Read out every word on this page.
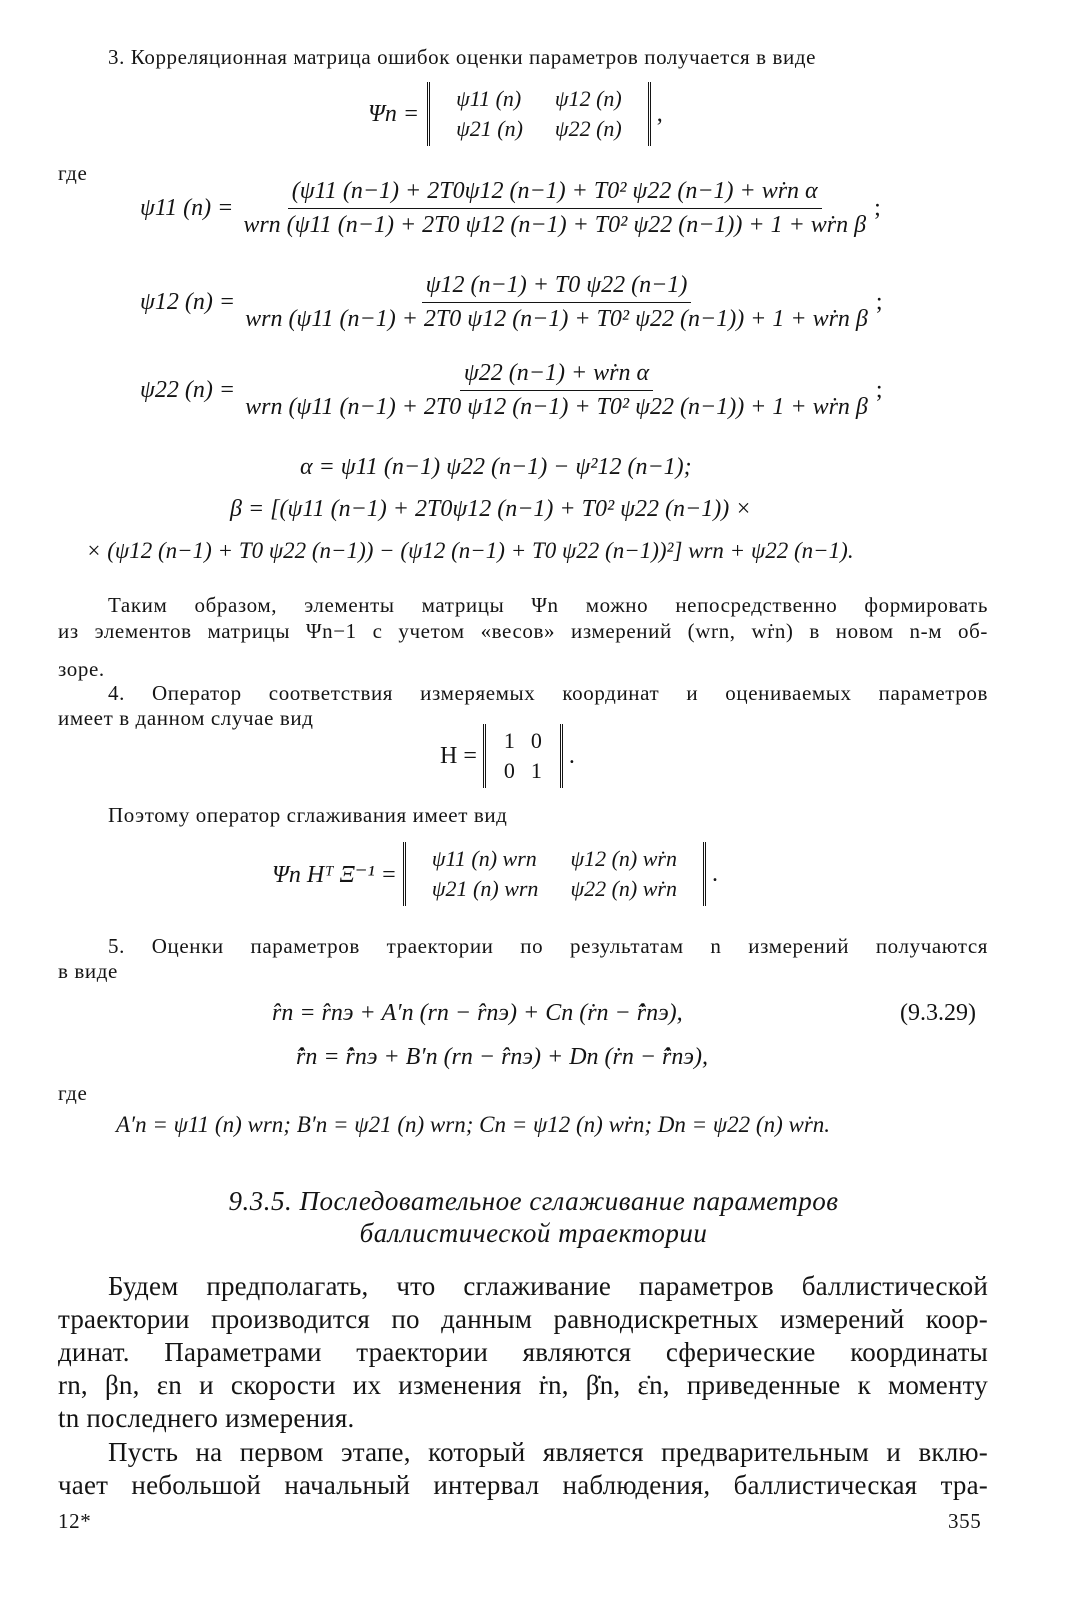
3. Корреляционная матрица ошибок оценки параметров получается в виде
Ψn =
ψ11 (n)	ψ12 (n)
ψ21 (n)	ψ22 (n)
,
где
ψ11 $(n) = \frac{\text{(ψ11 (n−1) + 2T0ψ12 (n−1) + T0² ψ22 (n−1) + wṙn α}}{\text{wrn (ψ11 (n−1) + 2T0 ψ12 (n−1) + T0² ψ22 (n−1)) + 1 + wṙn β}}$ ;
ψ12 $(n) = \frac{\psi 12 (n-1) + T0 \psi 22 (n-1)}{\text{wrn (ψ11 (n−1) + 2T0 ψ12 (n−1) + T0² ψ22 (n−1)) + 1 + wṙn β}}$ ;
ψ22 $(n) = \frac{\text{ψ22 (n−1) + wṙn α}}{\text{wrn (ψ11 (n−1) + 2T0 ψ12 (n−1) + T0² ψ22 (n−1)) + 1 + wṙn β}}$ ;
α = ψ11 (n−1) ψ22 (n−1) − ψ²12 (n−1);
β = [(ψ11 (n−1) + 2T0ψ12 (n−1) + T0² ψ22 (n−1)) ×
× (ψ12 (n−1) + T0 ψ22 (n−1)) − (ψ12 (n−1) + T0 ψ22 (n−1))²] wrn + ψ22 (n−1).
Таким образом, элементы матрицы Ψn можно непосредственно формировать
из элементов матрицы Ψn−1 с учетом «весов» измерений (wrn, wṙn) в новом n-м об-
зоре.
4. Оператор соответствия измеряемых координат и оцениваемых параметров
имеет в данном случае вид
H =
1	0
0	1
.
Поэтому оператор сглаживания имеет вид
Ψn Hᵀ Ξ⁻¹ =
ψ11 (n) wrn	ψ12 (n) wṙn
ψ21 (n) wrn	ψ22 (n) wṙn
.
5. Оценки параметров траектории по результатам n измерений получаются
в виде
r̂n = r̂nэ + A′n (rn − r̂nэ) + Cn (ṙn − r̂̇nэ),	(9.3.29)
r̂̇n = r̂̇nэ + B′n (rn − r̂nэ) + Dn (ṙn − r̂̇nэ),
где
A′n = ψ11 (n) wrn; B′n = ψ21 (n) wrn; Cn = ψ12 (n) wṙn; Dn = ψ22 (n) wṙn.
9.3.5. Последовательное сглаживание параметров
баллистической траектории
Будем предполагать, что сглаживание параметров баллистической
траектории производится по данным равнодискретных измерений коор-
динат. Параметрами траектории являются сферические координаты
rn, βn, εn и скорости их изменения ṙn, β̇n, ε̇n, приведенные к моменту
tn последнего измерения.
Пусть на первом этапе, который является предварительным и вклю-
чает небольшой начальный интервал наблюдения, баллистическая тра-
12*	355
